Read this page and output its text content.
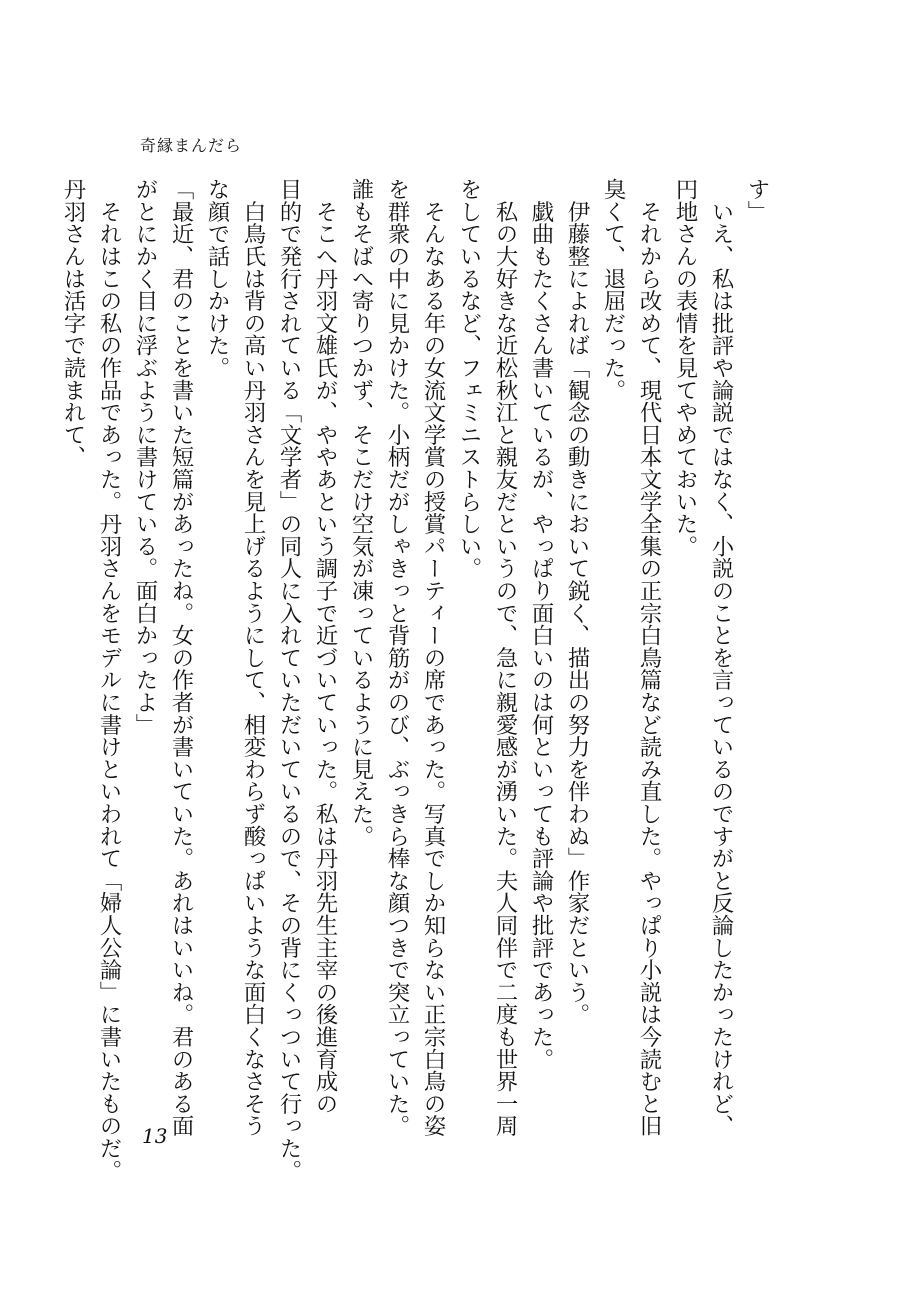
奇縁まんだら

す」

　いえ、私は批評や論説ではなく、小説のことを言っているのですがと反論したかったけれど、

円地さんの表情を見てやめておいた。

　それから改めて、現代日本文学全集の正宗白鳥篇など読み直した。やっぱり小説は今読むと旧

臭くて、退屈だった。

　伊藤整によれば「観念の動きにおいて鋭く、描出の努力を伴わぬ」作家だという。

　戯曲もたくさん書いているが、やっぱり面白いのは何といっても評論や批評であった。

　私の大好きな近松秋江と親友だというので、急に親愛感が湧いた。夫人同伴で二度も世界一周

をしているなど、フェミニストらしい。

　そんなある年の女流文学賞の授賞パーティーの席であった。写真でしか知らない正宗白鳥の姿

を群衆の中に見かけた。小柄だがしゃきっと背筋がのび、ぶっきら棒な顔つきで突立っていた。

誰もそばへ寄りつかず、そこだけ空気が凍っているように見えた。

　そこへ丹羽文雄氏が、ややあという調子で近づいていった。私は丹羽先生主宰の後進育成の

目的で発行されている「文学者」の同人に入れていただいているので、その背にくっついて行った。

　白鳥氏は背の高い丹羽さんを見上げるようにして、相変わらず酸っぱいような面白くなさそう

な顔で話しかけた。

「最近、君のことを書いた短篇があったね。女の作者が書いていた。あれはいいね。君のある面

がとにかく目に浮ぶように書けている。面白かったよ」

　それはこの私の作品であった。丹羽さんをモデルに書けといわれて「婦人公論」に書いたものだ。

丹羽さんは活字で読まれて、

13
